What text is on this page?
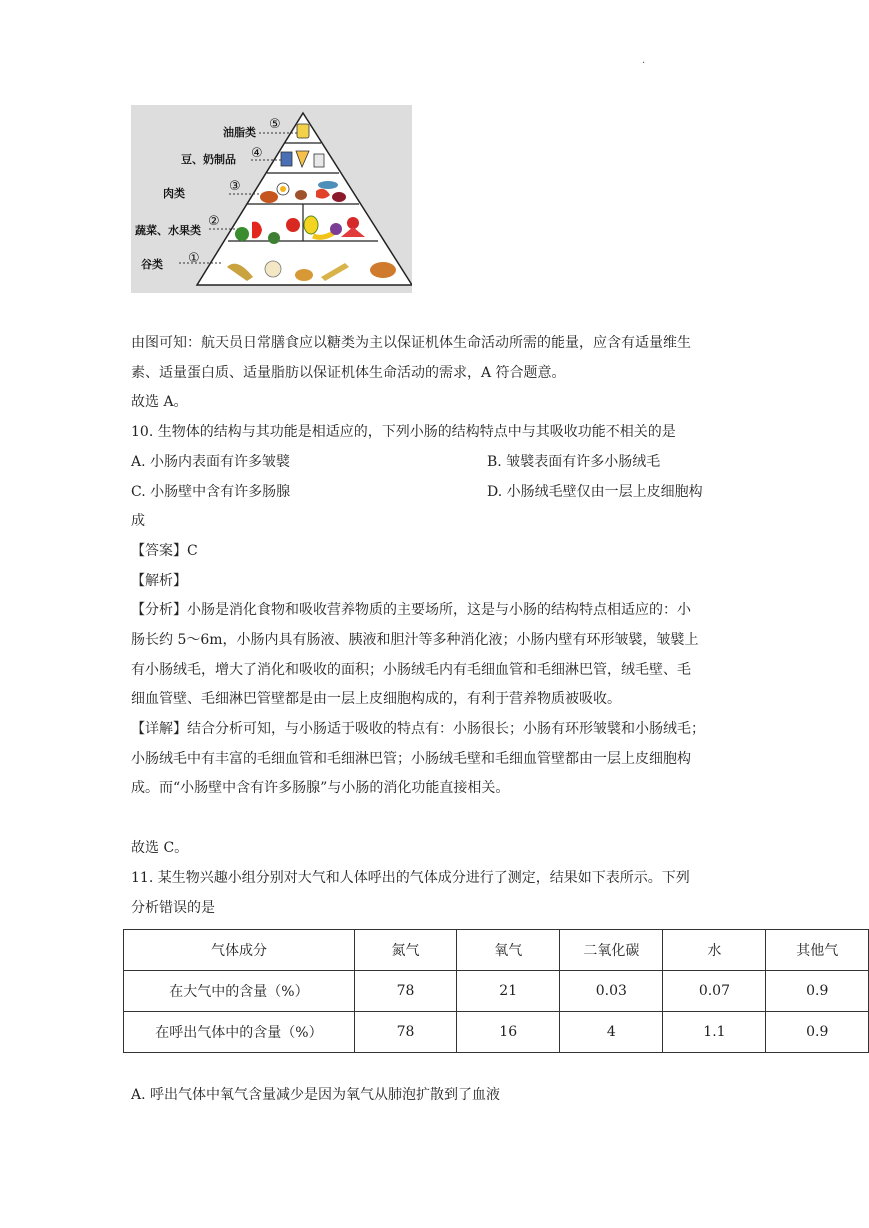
·
油脂类
⑤
豆、奶制品 ④
肉类	③
蔬菜、水果类
②
谷类 ①
由图可知：航天员日常膳食应以糖类为主以保证机体生命活动所需的能量，应含有适量维生
素、适量蛋白质、适量脂肪以保证机体生命活动的需求，A 符合题意。
故选 A。
10. 生物体的结构与其功能是相适应的，下列小肠的结构特点中与其吸收功能不相关的是
A. 小肠内表面有许多皱襞	B. 皱襞表面有许多小肠绒毛
C. 小肠壁中含有许多肠腺	D. 小肠绒毛壁仅由一层上皮细胞构
成
【答案】C
【解析】
【分析】小肠是消化食物和吸收营养物质的主要场所，这是与小肠的结构特点相适应的：小
肠长约 5～6m，小肠内具有肠液、胰液和胆汁等多种消化液；小肠内壁有环形皱襞，皱襞上
有小肠绒毛，增大了消化和吸收的面积；小肠绒毛内有毛细血管和毛细淋巴管，绒毛壁、毛
细血管壁、毛细淋巴管壁都是由一层上皮细胞构成的，有利于营养物质被吸收。
【详解】结合分析可知，与小肠适于吸收的特点有：小肠很长；小肠有环形皱襞和小肠绒毛；
小肠绒毛中有丰富的毛细血管和毛细淋巴管；小肠绒毛壁和毛细血管壁都由一层上皮细胞构
成。而“小肠壁中含有许多肠腺”与小肠的消化功能直接相关。
故选 C。
11. 某生物兴趣小组分别对大气和人体呼出的气体成分进行了测定，结果如下表所示。下列
分析错误的是
气体成分	氮气	氧气	二氧化碳	水	其他气
在大气中的含量（%）	78	21	0.03	0.07	0.9
在呼出气体中的含量（%）	78	16	4	1.1	0.9
A. 呼出气体中氧气含量减少是因为氧气从肺泡扩散到了血液
